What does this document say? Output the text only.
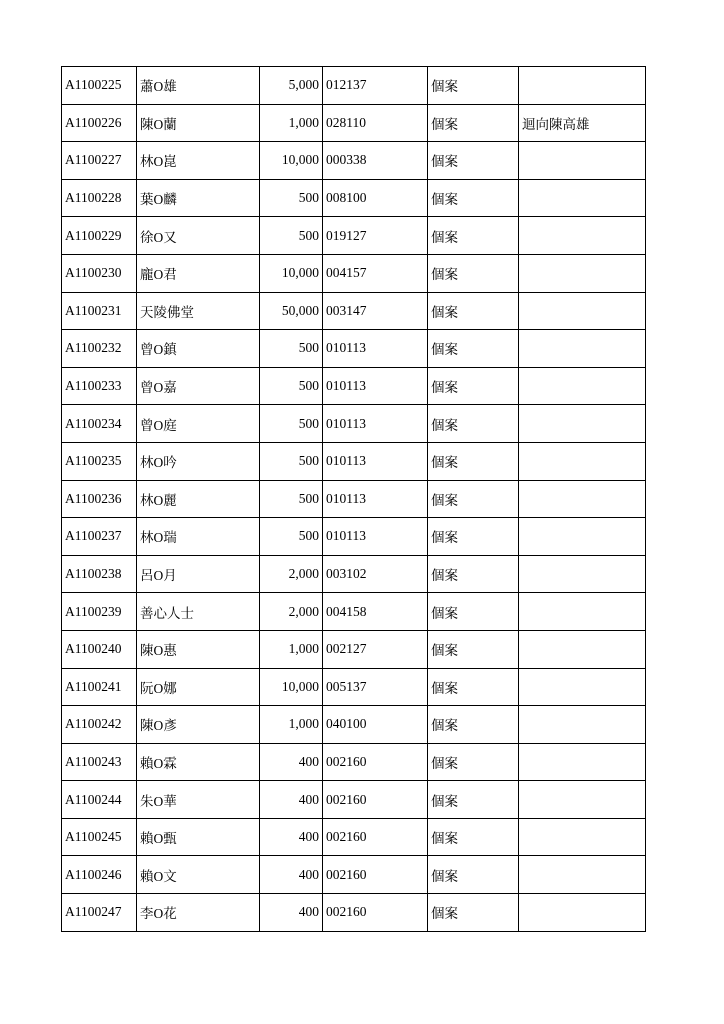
A1100225	蕭O雄	5,000	012137	個案	
A1100226	陳O蘭	1,000	028110	個案	迴向陳高雄
A1100227	林O崑	10,000	000338	個案	
A1100228	葉O麟	500	008100	個案	
A1100229	徐O又	500	019127	個案	
A1100230	龐O君	10,000	004157	個案	
A1100231	天陵佛堂	50,000	003147	個案	
A1100232	曾O鎮	500	010113	個案	
A1100233	曾O嘉	500	010113	個案	
A1100234	曾O庭	500	010113	個案	
A1100235	林O吟	500	010113	個案	
A1100236	林O麗	500	010113	個案	
A1100237	林O瑞	500	010113	個案	
A1100238	呂O月	2,000	003102	個案	
A1100239	善心人士	2,000	004158	個案	
A1100240	陳O惠	1,000	002127	個案	
A1100241	阮O娜	10,000	005137	個案	
A1100242	陳O彥	1,000	040100	個案	
A1100243	賴O霖	400	002160	個案	
A1100244	朱O華	400	002160	個案	
A1100245	賴O甄	400	002160	個案	
A1100246	賴O文	400	002160	個案	
A1100247	李O花	400	002160	個案	
